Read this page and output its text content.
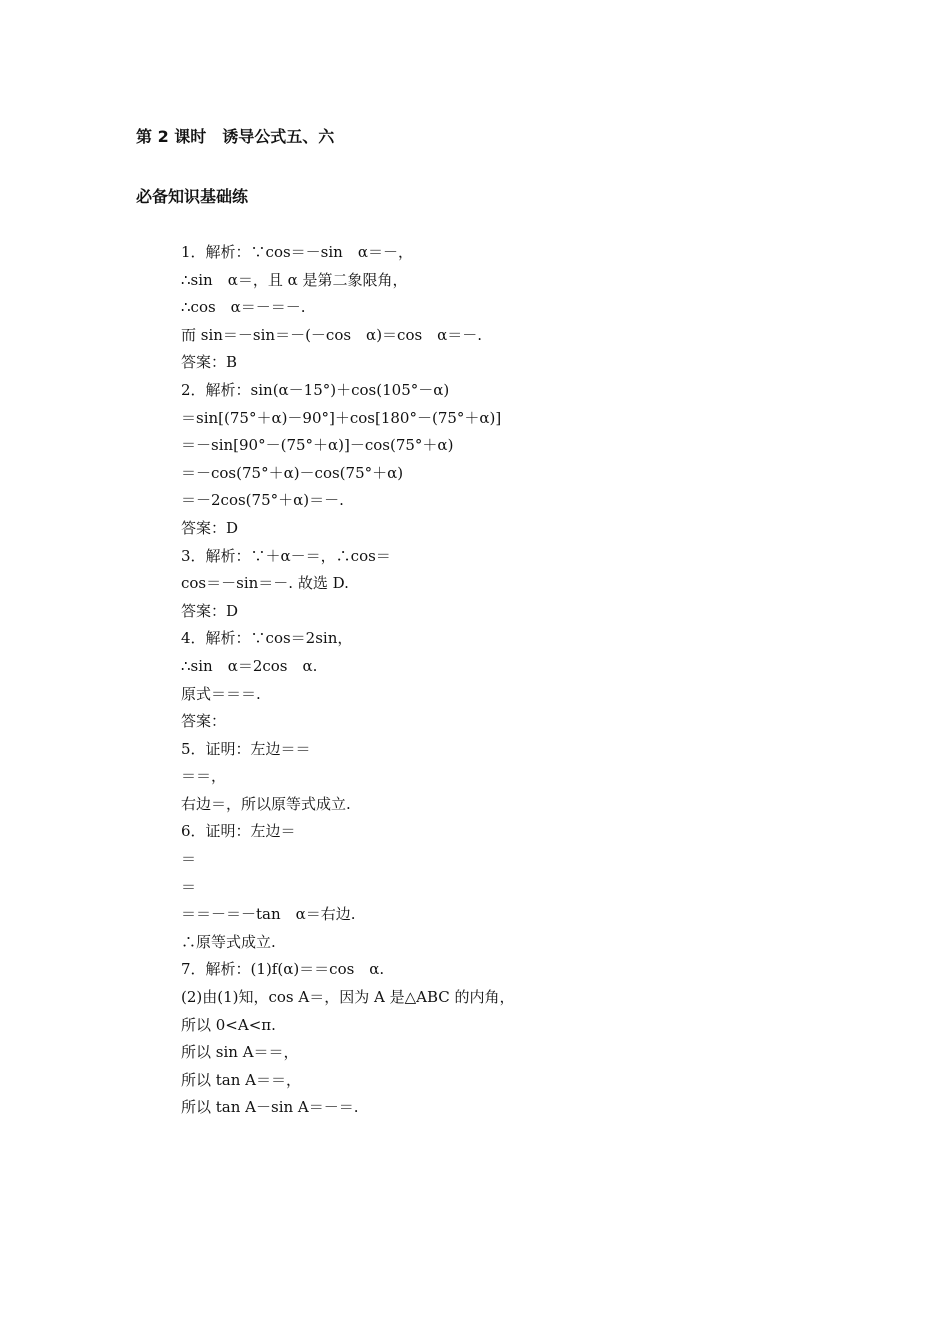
第 2 课时　诱导公式五、六
必备知识基础练
1．解析：∵cos＝－sin　α＝－，
∴sin　α＝，且 α 是第二象限角，
∴cos　α＝－＝－.
而 sin＝－sin＝－(－cos　α)＝cos　α＝－.
答案：B
2．解析：sin(α－15°)＋cos(105°－α)
＝sin[(75°＋α)－90°]＋cos[180°－(75°＋α)]
＝－sin[90°－(75°＋α)]－cos(75°＋α)
＝－cos(75°＋α)－cos(75°＋α)
＝－2cos(75°＋α)＝－.
答案：D
3．解析：∵＋α－＝，∴cos＝
cos＝－sin＝－. 故选 D.
答案：D
4．解析：∵cos＝2sin，
∴sin　α＝2cos　α.
原式＝＝＝.
答案：
5．证明：左边＝＝
＝＝，
右边＝，所以原等式成立.
6．证明：左边＝
＝
＝
＝＝－＝－tan　α＝右边.
∴原等式成立.
7．解析：(1)f(α)＝＝cos　α.
(2)由(1)知，cos A＝，因为 A 是△ABC 的内角，
所以 0<A<π.
所以 sin A＝＝，
所以 tan A＝＝，
所以 tan A－sin A＝－＝.
